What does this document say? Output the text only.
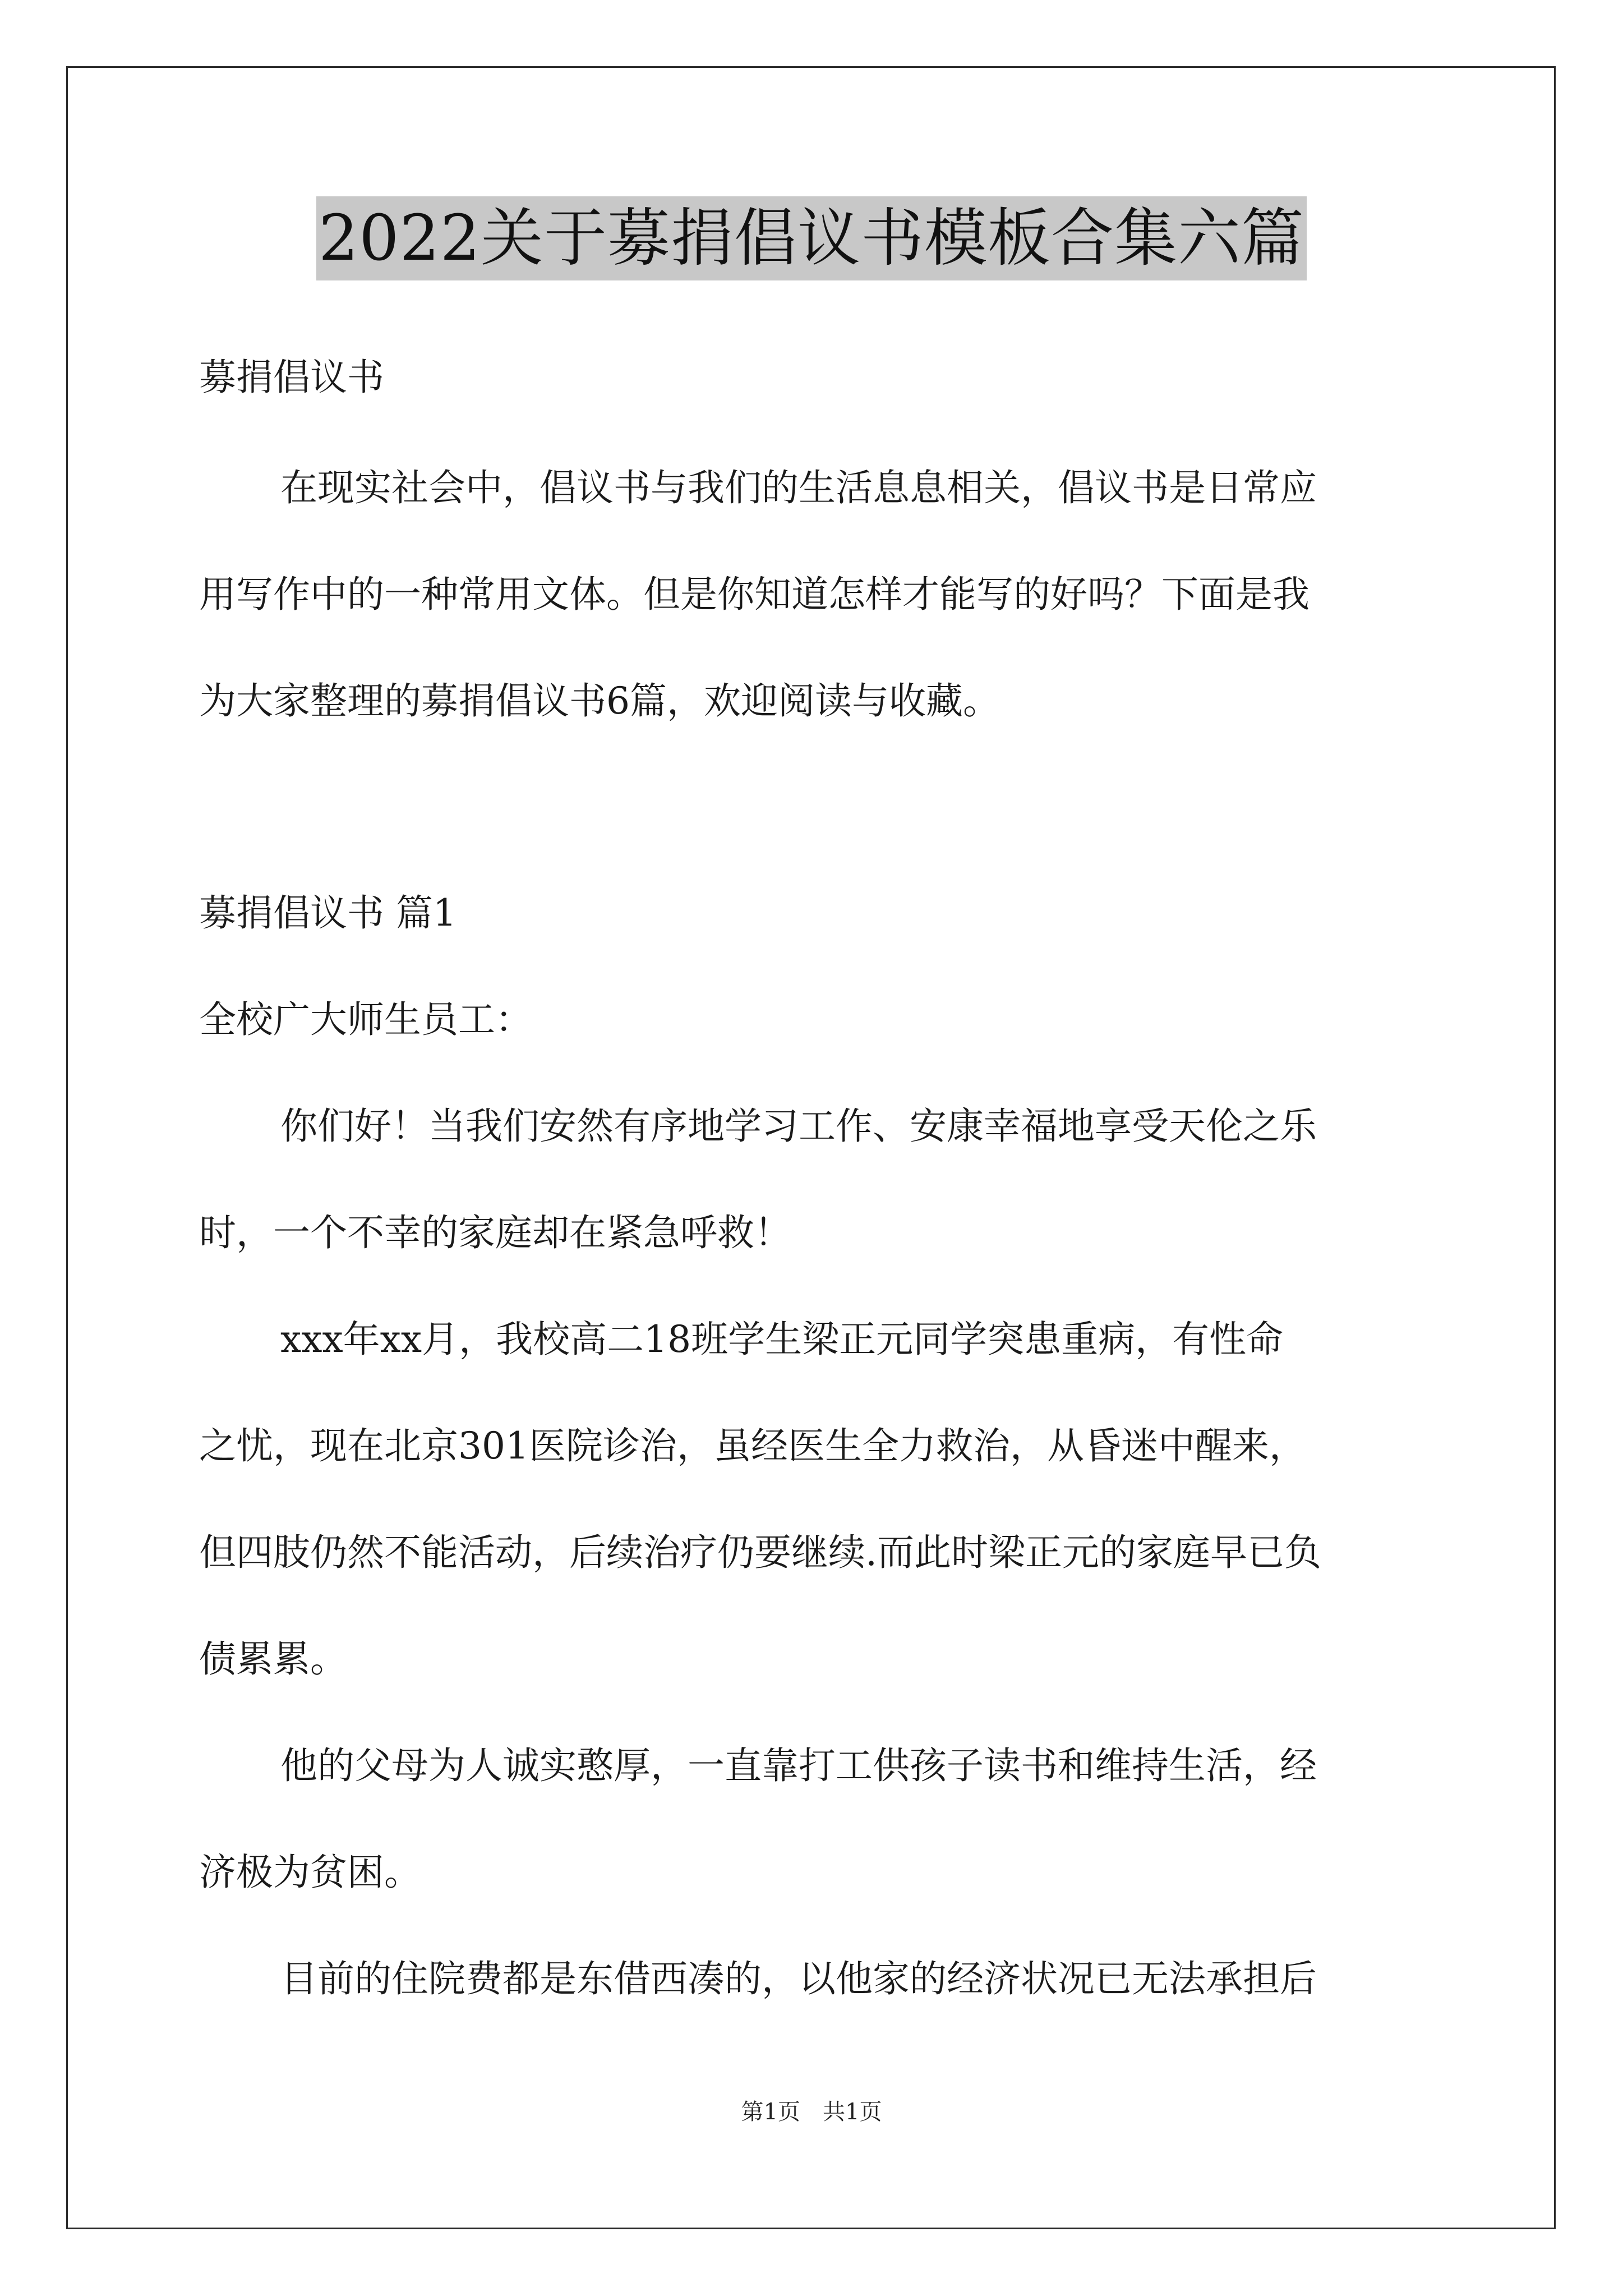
2022关于募捐倡议书模板合集六篇
募捐倡议书
在现实社会中，倡议书与我们的生活息息相关，倡议书是日常应
用写作中的一种常用文体。但是你知道怎样才能写的好吗？下面是我
为大家整理的募捐倡议书6篇，欢迎阅读与收藏。
募捐倡议书 篇1
全校广大师生员工：
你们好！当我们安然有序地学习工作、安康幸福地享受天伦之乐
时，一个不幸的家庭却在紧急呼救！
xxx年xx月，我校高二18班学生梁正元同学突患重病，有性命
之忧，现在北京301医院诊治，虽经医生全力救治，从昏迷中醒来，
但四肢仍然不能活动，后续治疗仍要继续.而此时梁正元的家庭早已负
债累累。
他的父母为人诚实憨厚，一直靠打工供孩子读书和维持生活，经
济极为贫困。
目前的住院费都是东借西凑的，以他家的经济状况已无法承担后
第1页　共1页
